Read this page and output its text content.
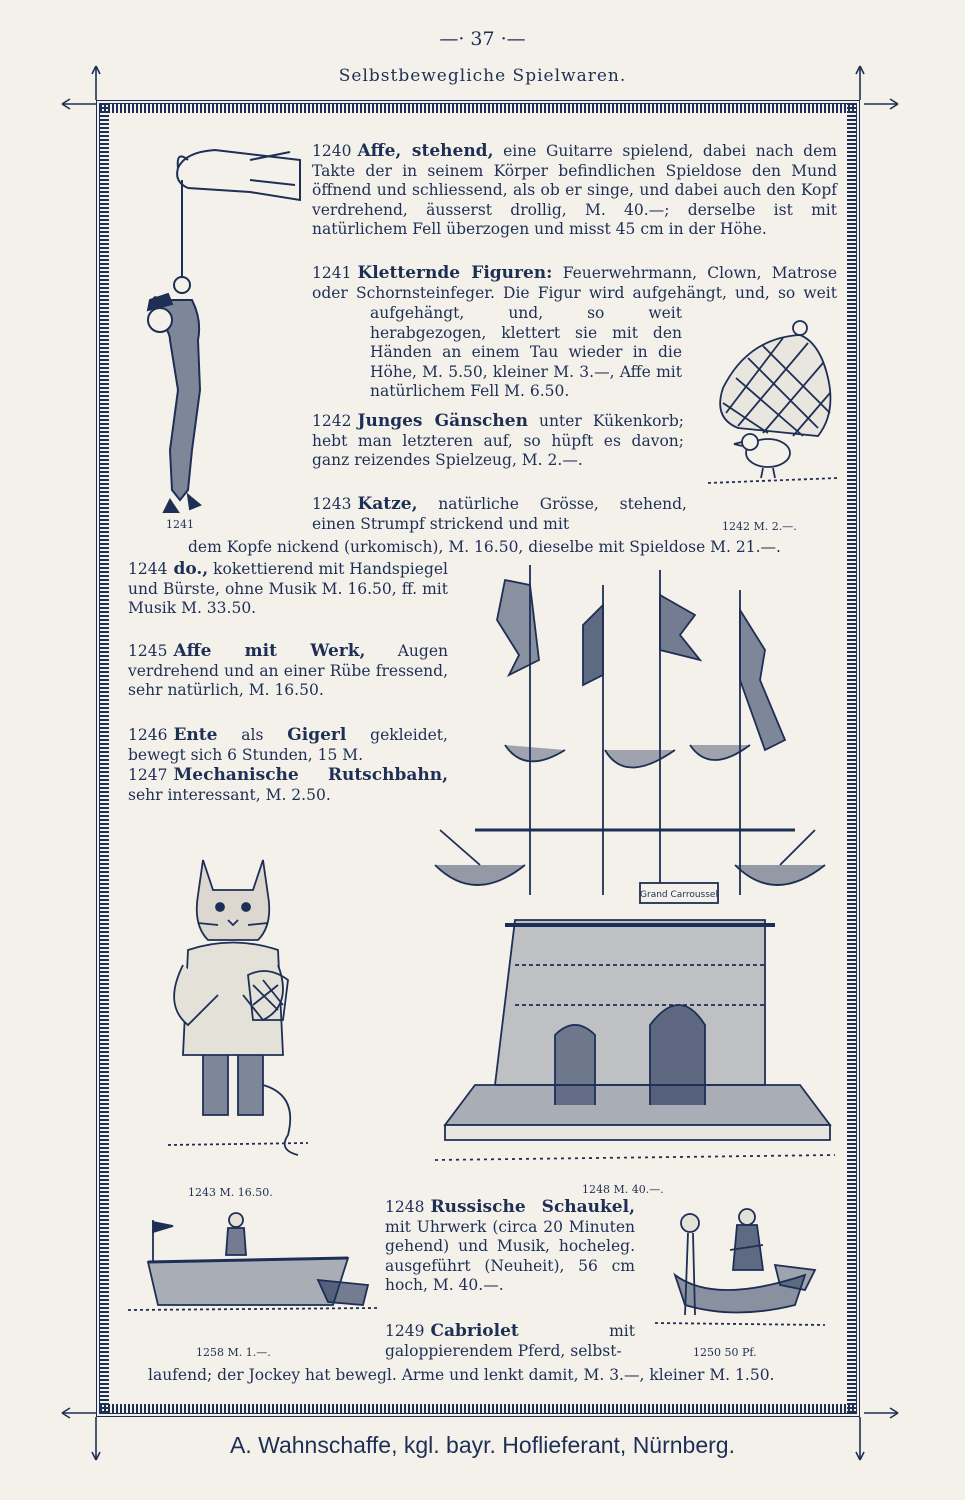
—· 37 ·—
Selbstbewegliche Spielwaren.
Grand Carroussel

1240 Affe, stehend, eine Guitarre spielend, dabei nach dem Takte der in seinem Körper befindlichen Spieldose den Mund öffnend und schliessend, als ob er singe, und dabei auch den Kopf verdrehend, äusserst drollig, M. 40.—; derselbe ist mit natürlichem Fell überzogen und misst 45 cm in der Höhe.

1241 Kletternde Figuren: Feuerwehrmann, Clown, Matrose oder Schornsteinfeger. Die Figur wird aufgehängt, und, so weit

aufgehängt, und, so weit herabgezogen, klettert sie mit den Händen an einem Tau wieder in die Höhe, M. 5.50, kleiner M. 3.—, Affe mit natürlichem Fell M. 6.50.

1242 Junges Gänschen unter Kükenkorb; hebt man letzteren auf, so hüpft es davon; ganz reizendes Spielzeug, M. 2.—.

1243 Katze, natürliche Grösse, stehend, einen Strumpf strickend und mit

dem Kopfe nickend (urkomisch), M. 16.50, dieselbe mit Spieldose M. 21.—.

1244 do., kokettierend mit Handspiegel und Bürste, ohne Musik M. 16.50, ff. mit Musik M. 33.50.

1245 Affe mit Werk, Augen verdrehend und an einer Rübe fressend, sehr natürlich, M. 16.50.

1246 Ente als Gigerl gekleidet, bewegt sich 6 Stunden, 15 M.

1247 Mechanische Rutschbahn, sehr interessant, M. 2.50.

1248 Russische Schaukel, mit Uhrwerk (circa 20 Minuten gehend) und Musik, hocheleg. ausgeführt (Neuheit), 56 cm hoch, M. 40.—.

1249 Cabriolet	mit galoppierendem Pferd, selbst-

laufend; der Jockey hat bewegl. Arme und lenkt damit, M. 3.—, kleiner M. 1.50.

1241	1242 M. 2.—.
1243 M. 16.50.	1248 M. 40.—.
1258 M. 1.—.	1250 50 Pf.
A. Wahnschaffe, kgl. bayr. Hoflieferant, Nürnberg.
